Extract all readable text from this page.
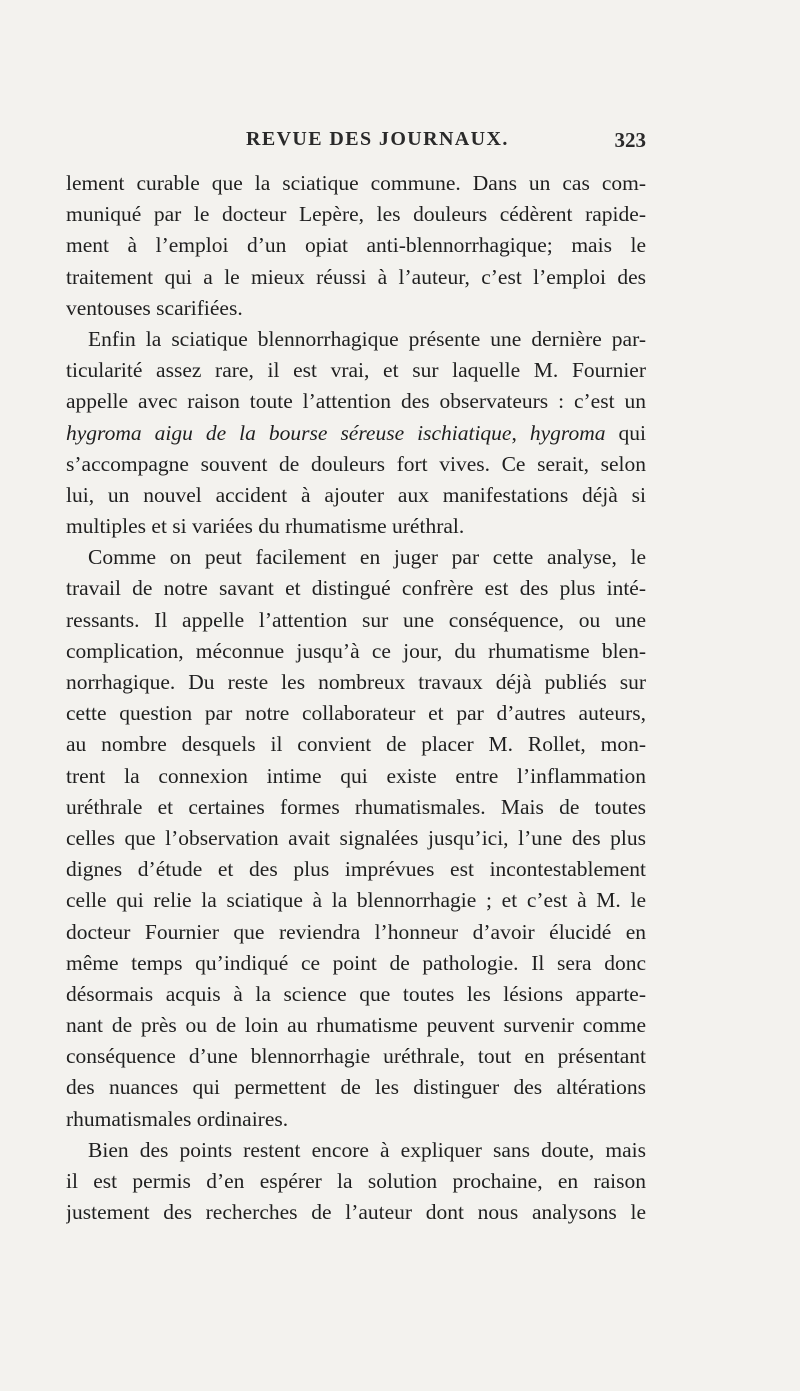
REVUE DES JOURNAUX.	323
lement curable que la sciatique commune. Dans un cas com-
muniqué par le docteur Lepère, les douleurs cédèrent rapide-
ment à l’emploi d’un opiat anti-blennorrhagique; mais le
traitement qui a le mieux réussi à l’auteur, c’est l’emploi des
ventouses scarifiées.
Enfin la sciatique blennorrhagique présente une dernière par-
ticularité assez rare, il est vrai, et sur laquelle M. Fournier
appelle avec raison toute l’attention des observateurs : c’est un
hygroma aigu de la bourse séreuse ischiatique, hygroma qui
s’accompagne souvent de douleurs fort vives. Ce serait, selon
lui, un nouvel accident à ajouter aux manifestations déjà si
multiples et si variées du rhumatisme uréthral.
Comme on peut facilement en juger par cette analyse, le
travail de notre savant et distingué confrère est des plus inté-
ressants. Il appelle l’attention sur une conséquence, ou une
complication, méconnue jusqu’à ce jour, du rhumatisme blen-
norrhagique. Du reste les nombreux travaux déjà publiés sur
cette question par notre collaborateur et par d’autres auteurs,
au nombre desquels il convient de placer M. Rollet, mon-
trent la connexion intime qui existe entre l’inflammation
uréthrale et certaines formes rhumatismales. Mais de toutes
celles que l’observation avait signalées jusqu’ici, l’une des plus
dignes d’étude et des plus imprévues est incontestablement
celle qui relie la sciatique à la blennorrhagie ; et c’est à M. le
docteur Fournier que reviendra l’honneur d’avoir élucidé en
même temps qu’indiqué ce point de pathologie. Il sera donc
désormais acquis à la science que toutes les lésions apparte-
nant de près ou de loin au rhumatisme peuvent survenir comme
conséquence d’une blennorrhagie uréthrale, tout en présentant
des nuances qui permettent de les distinguer des altérations
rhumatismales ordinaires.
Bien des points restent encore à expliquer sans doute, mais
il est permis d’en espérer la solution prochaine, en raison
justement des recherches de l’auteur dont nous analysons le
